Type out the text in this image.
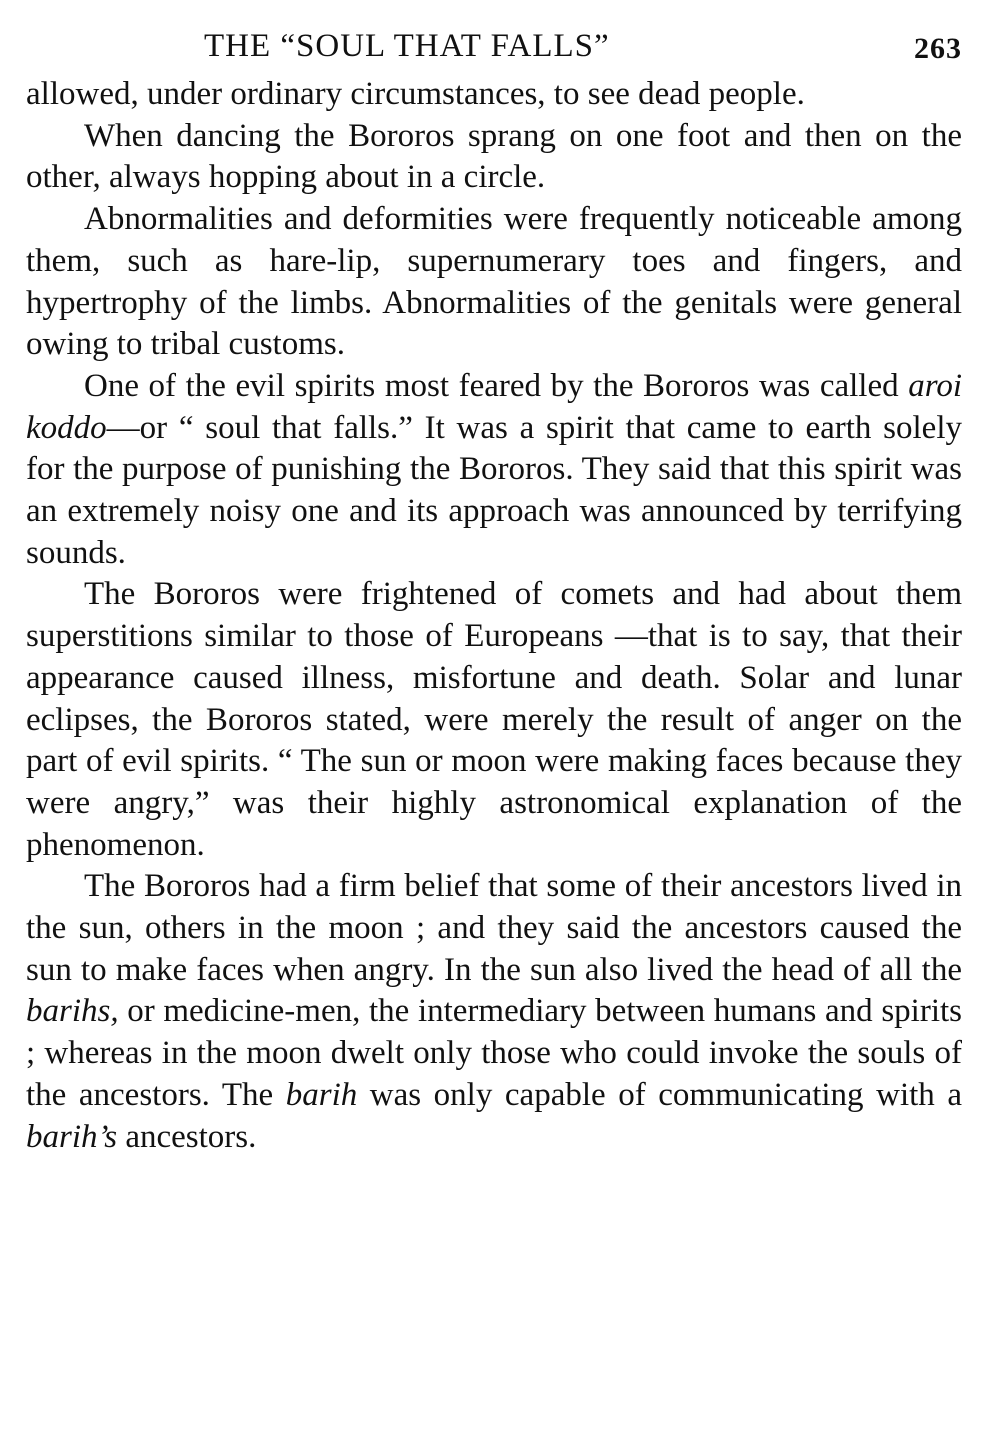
THE “SOUL THAT FALLS”	263

allowed, under ordinary circumstances, to see dead people.

When dancing the Bororos sprang on one foot and then on the other, always hopping about in a circle.

Abnormalities and deformities were frequently noticeable among them, such as hare-lip, supernumerary toes and fingers, and hypertrophy of the limbs. Abnormalities of the genitals were general owing to tribal customs.

One of the evil spirits most feared by the Bororos was called aroi koddo—or “ soul that falls.” It was a spirit that came to earth solely for the purpose of punishing the Bororos. They said that this spirit was an extremely noisy one and its approach was announced by terrifying sounds.

The Bororos were frightened of comets and had about them superstitions similar to those of Europeans —that is to say, that their appearance caused illness, misfortune and death. Solar and lunar eclipses, the Bororos stated, were merely the result of anger on the part of evil spirits. “ The sun or moon were making faces because they were angry,” was their highly astronomical explanation of the phenomenon.

The Bororos had a firm belief that some of their ancestors lived in the sun, others in the moon ; and they said the ancestors caused the sun to make faces when angry. In the sun also lived the head of all the barihs, or medicine-men, the intermediary between humans and spirits ; whereas in the moon dwelt only those who could invoke the souls of the ancestors. The barih was only capable of communicating with a barih’s ancestors.
